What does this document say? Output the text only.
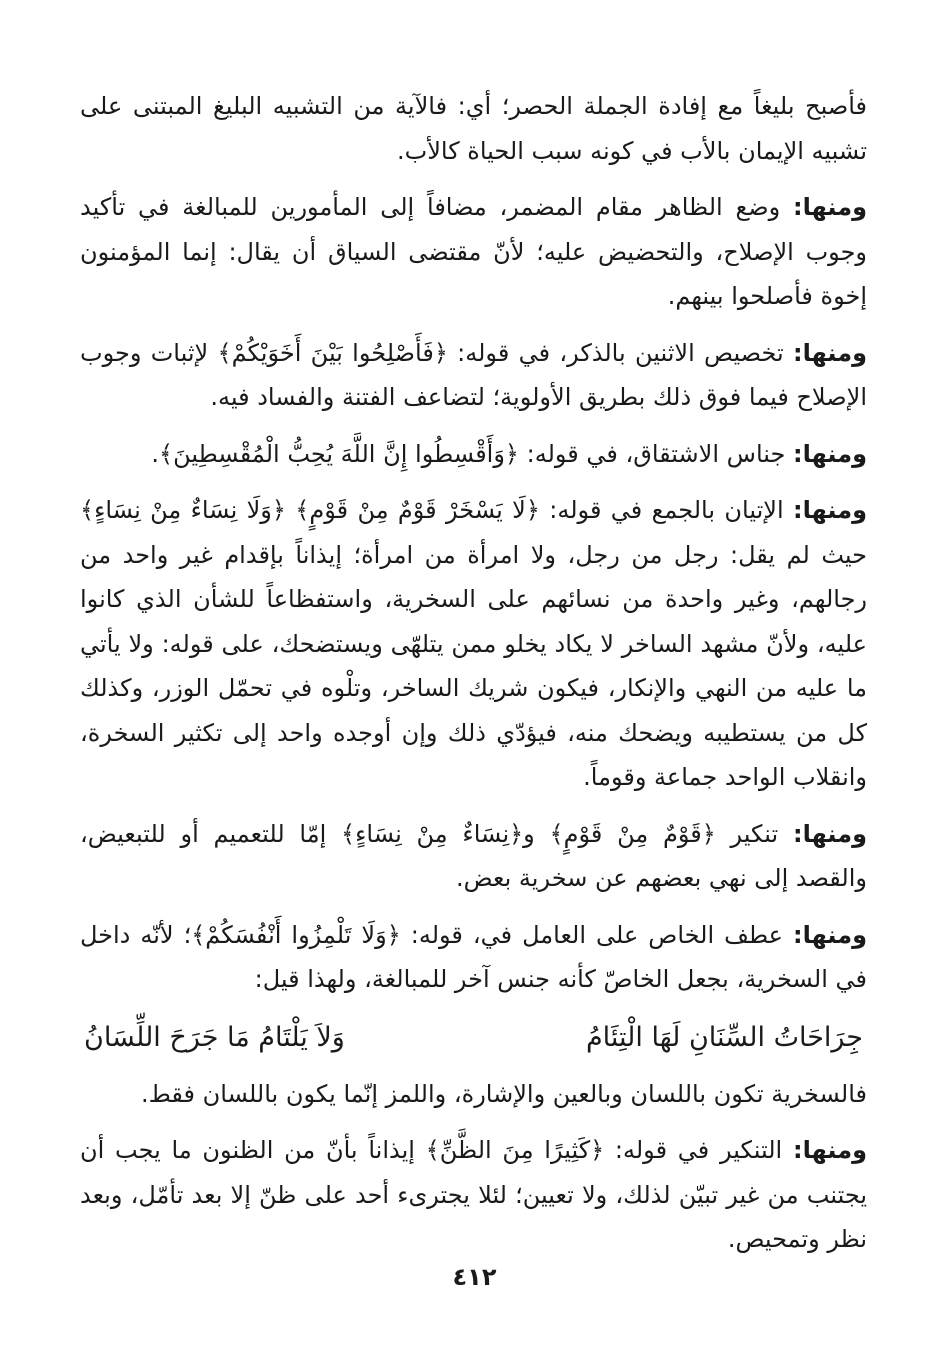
فأصبح بليغاً مع إفادة الجملة الحصر؛ أي: فالآية من التشبيه البليغ المبتنى على تشبيه الإيمان بالأب في كونه سبب الحياة كالأب.

ومنها: وضع الظاهر مقام المضمر، مضافاً إلى المأمورين للمبالغة في تأكيد وجوب الإصلاح، والتحضيض عليه؛ لأنّ مقتضى السياق أن يقال: إنما المؤمنون إخوة فأصلحوا بينهم.

ومنها: تخصيص الاثنين بالذكر، في قوله: ﴿فَأَصْلِحُوا بَيْنَ أَخَوَيْكُمْ﴾ لإثبات وجوب الإصلاح فيما فوق ذلك بطريق الأولوية؛ لتضاعف الفتنة والفساد فيه.

ومنها: جناس الاشتقاق، في قوله: ﴿وَأَقْسِطُوا إِنَّ اللَّهَ يُحِبُّ الْمُقْسِطِينَ﴾.

ومنها: الإتيان بالجمع في قوله: ﴿لَا يَسْخَرْ قَوْمٌ مِنْ قَوْمٍ﴾ ﴿وَلَا نِسَاءٌ مِنْ نِسَاءٍ﴾ حيث لم يقل: رجل من رجل، ولا امرأة من امرأة؛ إيذاناً بإقدام غير واحد من رجالهم، وغير واحدة من نسائهم على السخرية، واستفظاعاً للشأن الذي كانوا عليه، ولأنّ مشهد الساخر لا يكاد يخلو ممن يتلهّى ويستضحك، على قوله: ولا يأتي ما عليه من النهي والإنكار، فيكون شريك الساخر، وتلْوه في تحمّل الوزر، وكذلك كل من يستطيبه ويضحك منه، فيؤدّي ذلك وإن أوجده واحد إلى تكثير السخرة، وانقلاب الواحد جماعة وقوماً.

ومنها: تنكير ﴿قَوْمٌ مِنْ قَوْمٍ﴾ و﴿نِسَاءٌ مِنْ نِسَاءٍ﴾ إمّا للتعميم أو للتبعيض، والقصد إلى نهي بعضهم عن سخرية بعض.

ومنها: عطف الخاص على العامل في، قوله: ﴿وَلَا تَلْمِزُوا أَنْفُسَكُمْ﴾؛ لأنّه داخل في السخرية، بجعل الخاصّ كأنه جنس آخر للمبالغة، ولهذا قيل:

جِرَاحَاتُ السِّنَانِ لَهَا الْتِئَامُ
وَلاَ يَلْتَامُ مَا جَرَحَ اللِّسَانُ

فالسخرية تكون باللسان وبالعين والإشارة، واللمز إنّما يكون باللسان فقط.

ومنها: التنكير في قوله: ﴿كَثِيرًا مِنَ الظَّنِّ﴾ إيذاناً بأنّ من الظنون ما يجب أن يجتنب من غير تبيّن لذلك، ولا تعيين؛ لئلا يجترىء أحد على ظنّ إلا بعد تأمّل، وبعد نظر وتمحيص.

٤١٢
